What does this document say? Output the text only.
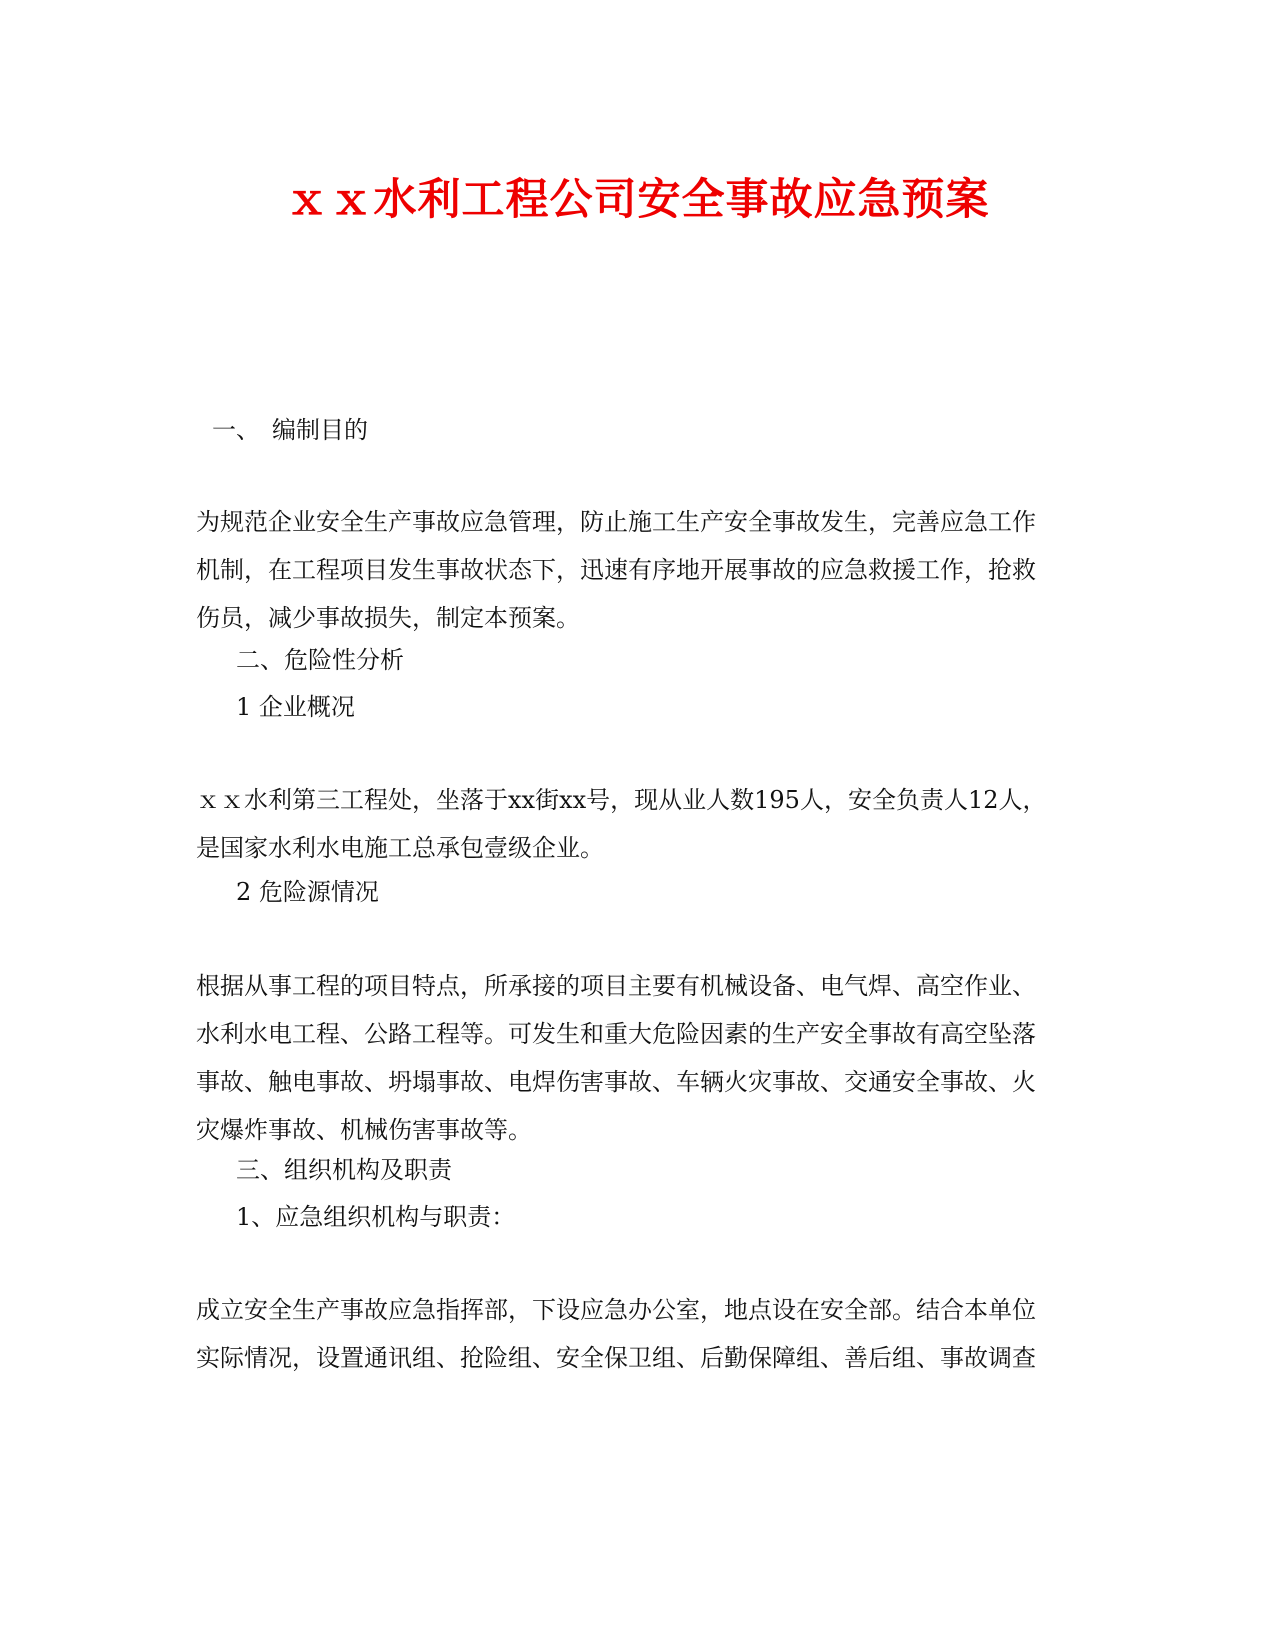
ｘｘ水利工程公司安全事故应急预案
一、　编制目的
为规范企业安全生产事故应急管理，防止施工生产安全事故发生，完善应急工作
机制，在工程项目发生事故状态下，迅速有序地开展事故的应急救援工作，抢救
伤员，减少事故损失，制定本预案。
二、危险性分析
1 企业概况
ｘｘ水利第三工程处，坐落于xx街xx号，现从业人数195人，安全负责人12人，
是国家水利水电施工总承包壹级企业。
2 危险源情况
根据从事工程的项目特点，所承接的项目主要有机械设备、电气焊、高空作业、
水利水电工程、公路工程等。可发生和重大危险因素的生产安全事故有高空坠落
事故、触电事故、坍塌事故、电焊伤害事故、车辆火灾事故、交通安全事故、火
灾爆炸事故、机械伤害事故等。
三、组织机构及职责
1、应急组织机构与职责：
成立安全生产事故应急指挥部，下设应急办公室，地点设在安全部。结合本单位
实际情况，设置通讯组、抢险组、安全保卫组、后勤保障组、善后组、事故调查
